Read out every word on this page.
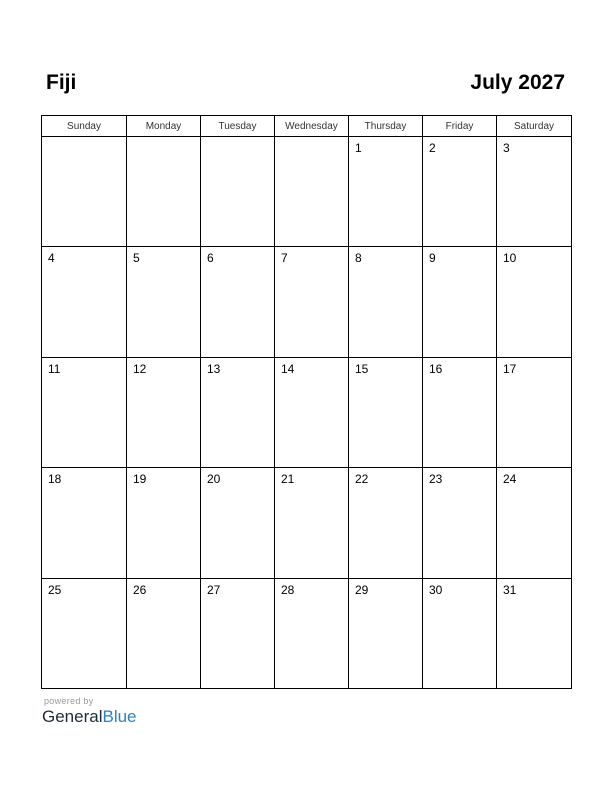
Fiji	July 2027
Sunday	Monday	Tuesday	Wednesday	Thursday	Friday	Saturday

				1	2	3

4	5	6	7	8	9	10

11	12	13	14	15	16	17

18	19	20	21	22	23	24

25	26	27	28	29	30	31
powered by
GeneralBlue
